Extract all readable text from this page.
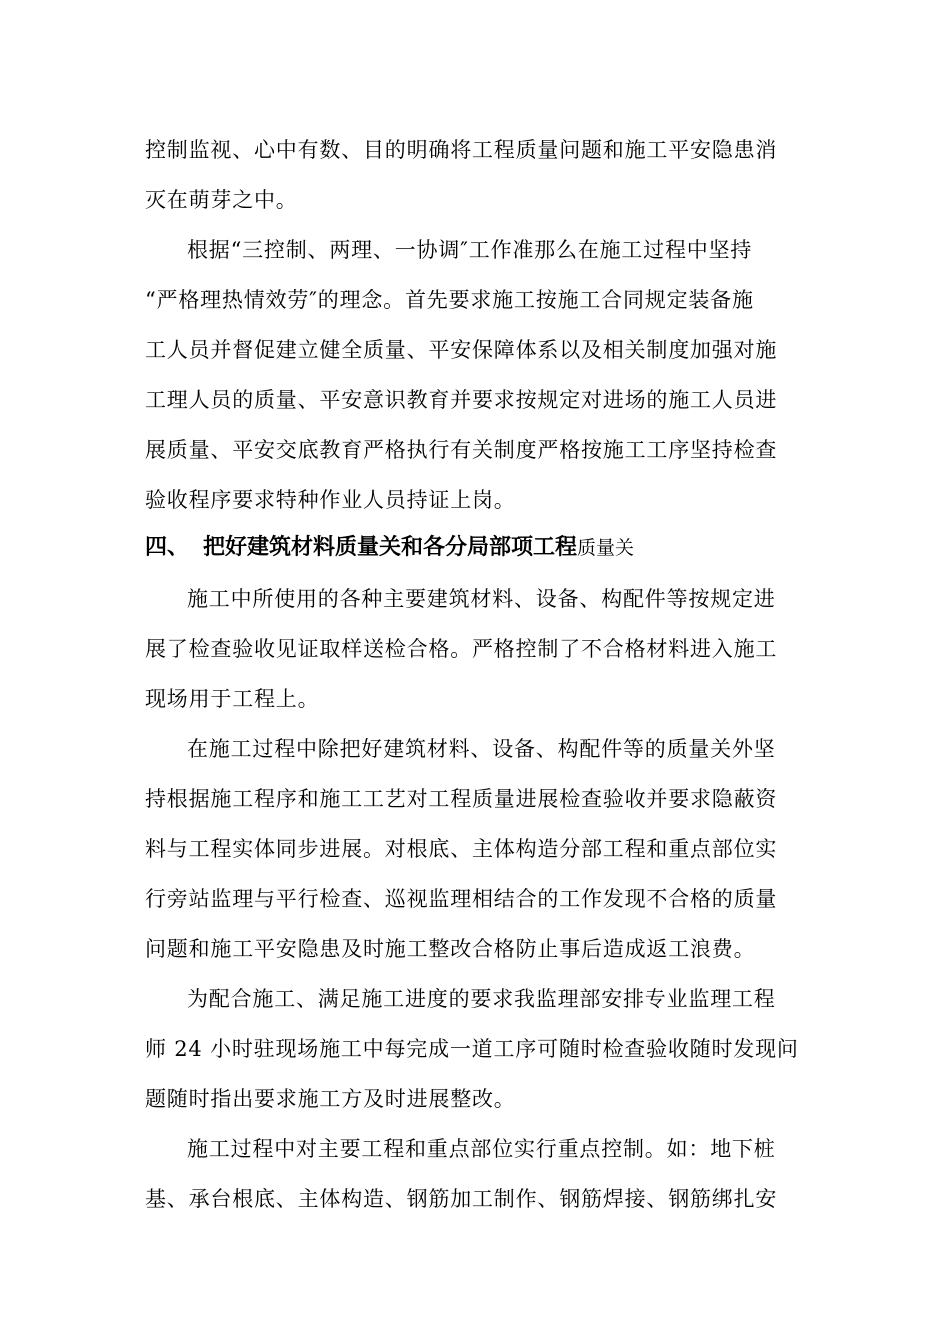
控制监视、心中有数、目的明确将工程质量问题和施工平安隐患消
灭在萌芽之中。
根据“三控制、两理、一协调″工作准那么在施工过程中坚持
“严格理热情效劳″的理念。首先要求施工按施工合同规定装备施
工人员并督促建立健全质量、平安保障体系以及相关制度加强对施
工理人员的质量、平安意识教育并要求按规定对进场的施工人员进
展质量、平安交底教育严格执行有关制度严格按施工工序坚持检查
验收程序要求特种作业人员持证上岗。
四、 把好建筑材料质量关和各分局部项工程质量关
施工中所使用的各种主要建筑材料、设备、构配件等按规定进
展了检查验收见证取样送检合格。严格控制了不合格材料进入施工
现场用于工程上。
在施工过程中除把好建筑材料、设备、构配件等的质量关外坚
持根据施工程序和施工工艺对工程质量进展检查验收并要求隐蔽资
料与工程实体同步进展。对根底、主体构造分部工程和重点部位实
行旁站监理与平行检查、巡视监理相结合的工作发现不合格的质量
问题和施工平安隐患及时施工整改合格防止事后造成返工浪费。
为配合施工、满足施工进度的要求我监理部安排专业监理工程
师 24 小时驻现场施工中每完成一道工序可随时检查验收随时发现问
题随时指出要求施工方及时进展整改。
施工过程中对主要工程和重点部位实行重点控制。如：地下桩
基、承台根底、主体构造、钢筋加工制作、钢筋焊接、钢筋绑扎安
